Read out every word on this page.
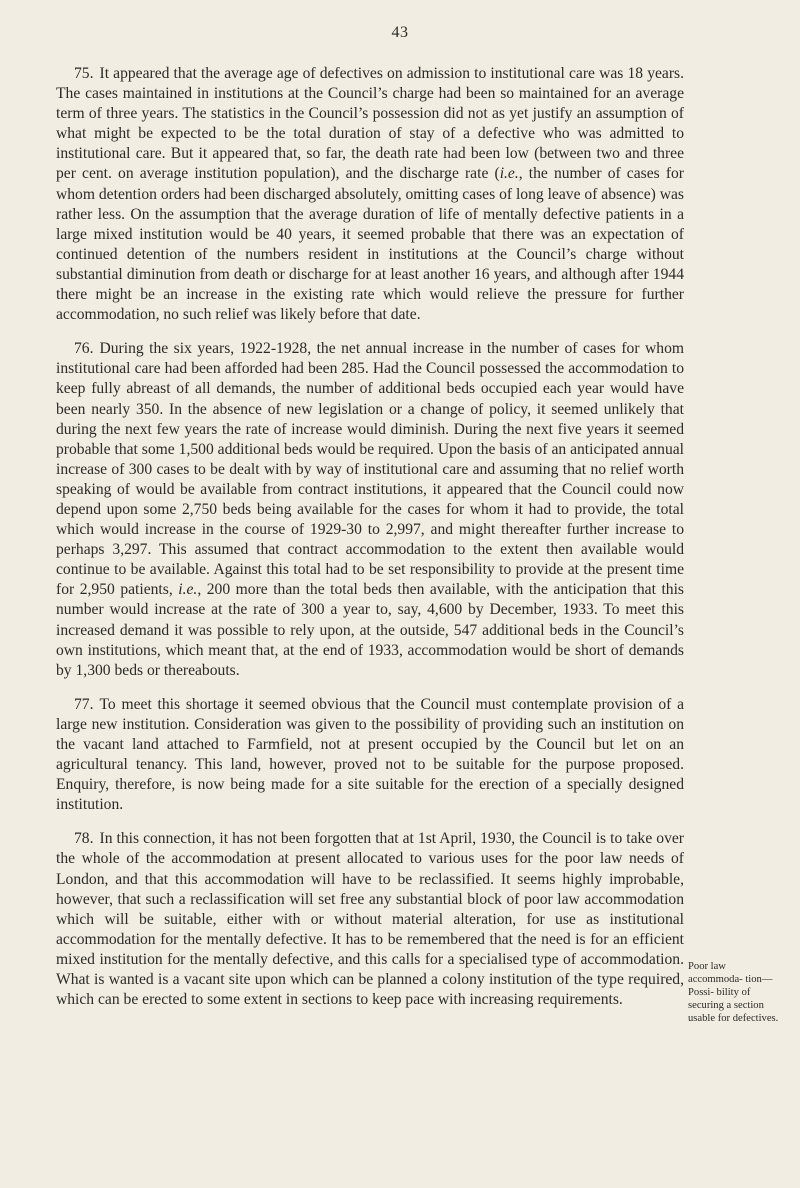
43

75. It appeared that the average age of defectives on admission to institutional care was 18 years. The cases maintained in institutions at the Council’s charge had been so maintained for an average term of three years. The statistics in the Council’s possession did not as yet justify an assumption of what might be expected to be the total duration of stay of a defective who was admitted to institutional care. But it appeared that, so far, the death rate had been low (between two and three per cent. on average institution population), and the discharge rate (i.e., the number of cases for whom detention orders had been discharged absolutely, omitting cases of long leave of absence) was rather less. On the assumption that the average duration of life of mentally defective patients in a large mixed institution would be 40 years, it seemed probable that there was an expectation of continued detention of the numbers resident in institutions at the Council’s charge without substantial diminution from death or discharge for at least another 16 years, and although after 1944 there might be an increase in the existing rate which would relieve the pressure for further accommodation, no such relief was likely before that date.

76. During the six years, 1922-1928, the net annual increase in the number of cases for whom institutional care had been afforded had been 285. Had the Council possessed the accommodation to keep fully abreast of all demands, the number of additional beds occupied each year would have been nearly 350. In the absence of new legislation or a change of policy, it seemed unlikely that during the next few years the rate of increase would diminish. During the next five years it seemed probable that some 1,500 additional beds would be required. Upon the basis of an anticipated annual increase of 300 cases to be dealt with by way of institutional care and assuming that no relief worth speaking of would be available from contract institutions, it appeared that the Council could now depend upon some 2,750 beds being available for the cases for whom it had to provide, the total which would increase in the course of 1929-30 to 2,997, and might thereafter further increase to perhaps 3,297. This assumed that contract accommodation to the extent then available would continue to be available. Against this total had to be set responsibility to provide at the present time for 2,950 patients, i.e., 200 more than the total beds then available, with the anticipation that this number would increase at the rate of 300 a year to, say, 4,600 by December, 1933. To meet this increased demand it was possible to rely upon, at the outside, 547 additional beds in the Council’s own institutions, which meant that, at the end of 1933, accommodation would be short of demands by 1,300 beds or thereabouts.

77. To meet this shortage it seemed obvious that the Council must contemplate provision of a large new institution. Consideration was given to the possibility of providing such an institution on the vacant land attached to Farmfield, not at present occupied by the Council but let on an agricultural tenancy. This land, however, proved not to be suitable for the purpose proposed. Enquiry, therefore, is now being made for a site suitable for the erection of a specially designed institution.

78. In this connection, it has not been forgotten that at 1st April, 1930, the Council is to take over the whole of the accommodation at present allocated to various uses for the poor law needs of London, and that this accommodation will have to be reclassified. It seems highly improbable, however, that such a reclassification will set free any substantial block of poor law accommodation which will be suitable, either with or without material alteration, for use as institutional accommodation for the mentally defective. It has to be remembered that the need is for an efficient mixed institution for the mentally defective, and this calls for a specialised type of accommodation. What is wanted is a vacant site upon which can be planned a colony institution of the type required, which can be erected to some extent in sections to keep pace with increasing requirements.

Poor law accommoda- tion—Possi- bility of securing a section usable for defectives.
